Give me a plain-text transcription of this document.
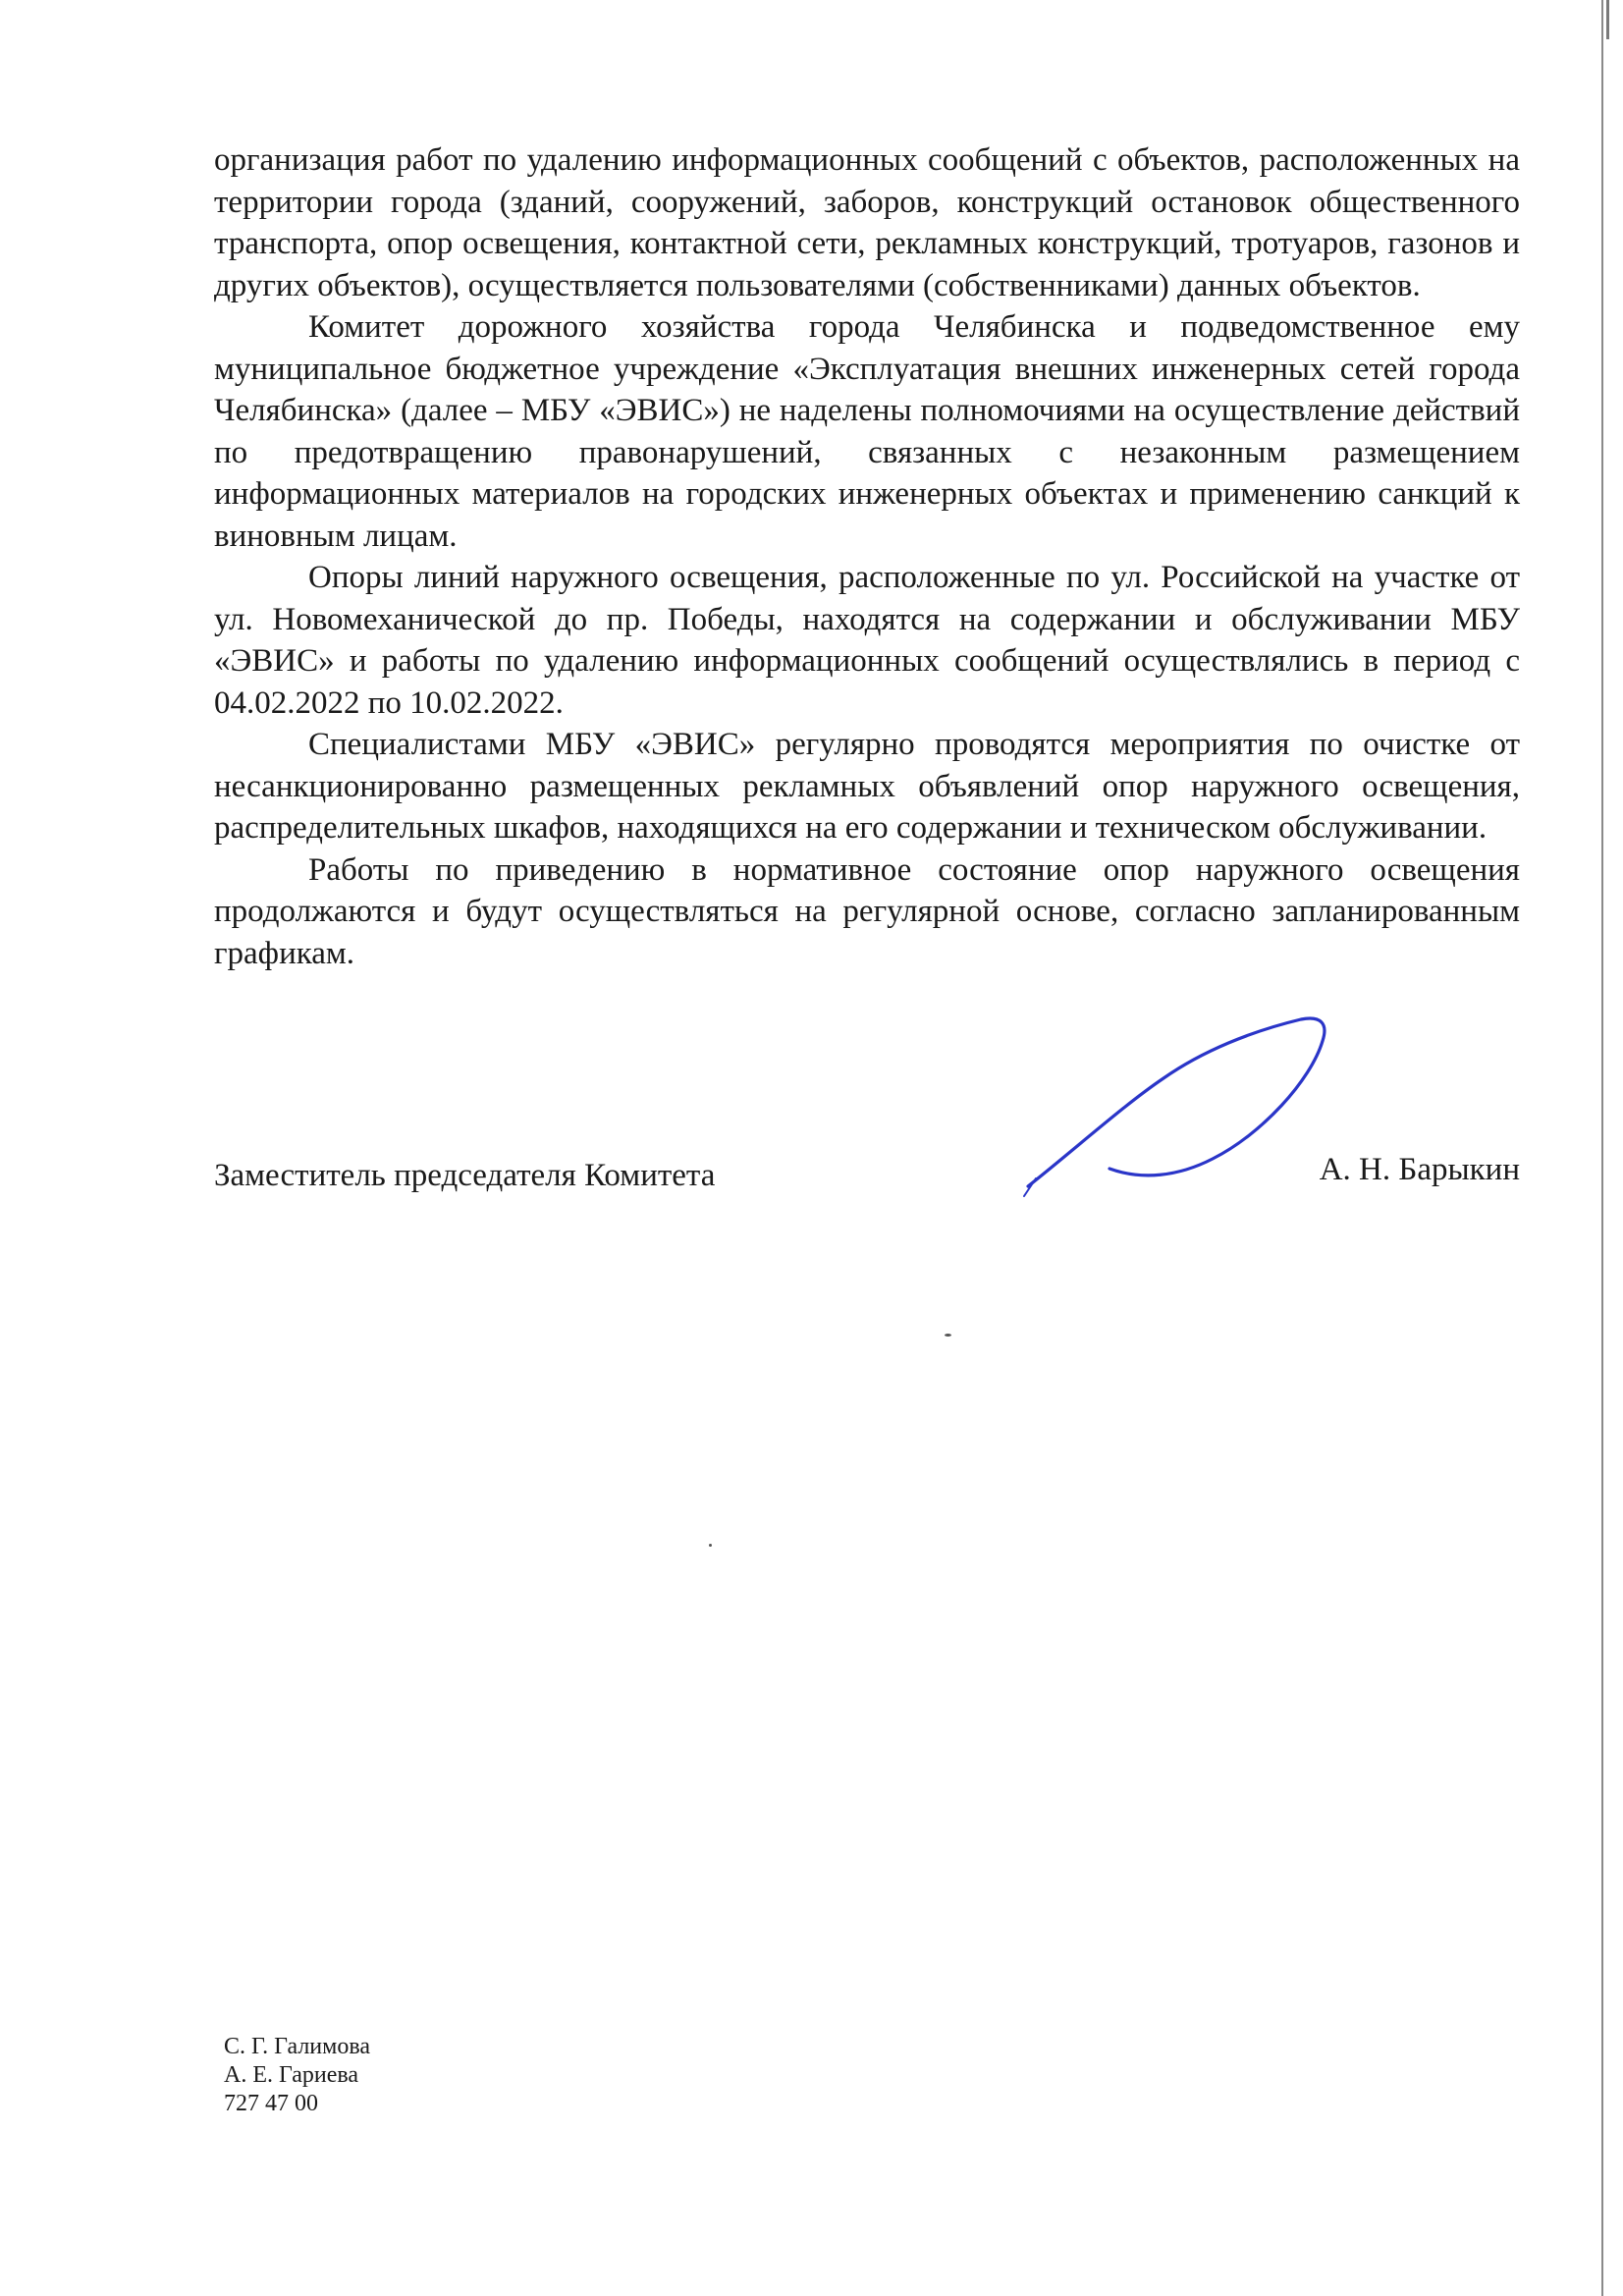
организация работ по удалению информационных сообщений с объектов, расположенных на территории города (зданий, сооружений, заборов, конструкций остановок общественного транспорта, опор освещения, контактной сети, рекламных конструкций, тротуаров, газонов и других объектов), осуществляется пользователями (собственниками) данных объектов.

Комитет дорожного хозяйства города Челябинска и подведомственное ему муниципальное бюджетное учреждение «Эксплуатация внешних инженерных сетей города Челябинска» (далее – МБУ «ЭВИС») не наделены полномочиями на осуществление действий по предотвращению правонарушений, связанных с незаконным размещением информационных материалов на городских инженерных объектах и применению санкций к виновным лицам.

Опоры линий наружного освещения, расположенные по ул. Российской на участке от ул. Новомеханической до пр. Победы, находятся на содержании и обслуживании МБУ «ЭВИС» и работы по удалению информационных сообщений осуществлялись в период с 04.02.2022 по 10.02.2022.

Специалистами МБУ «ЭВИС» регулярно проводятся мероприятия по очистке от несанкционированно размещенных рекламных объявлений опор наружного освещения, распределительных шкафов, находящихся на его содержании и техническом обслуживании.

Работы по приведению в нормативное состояние опор наружного освещения продолжаются и будут осуществляться на регулярной основе, согласно запланированным графикам.

Заместитель председателя Комитета	А. Н. Барыкин
С. Г. Галимова
А. Е. Гариева
727 47 00
